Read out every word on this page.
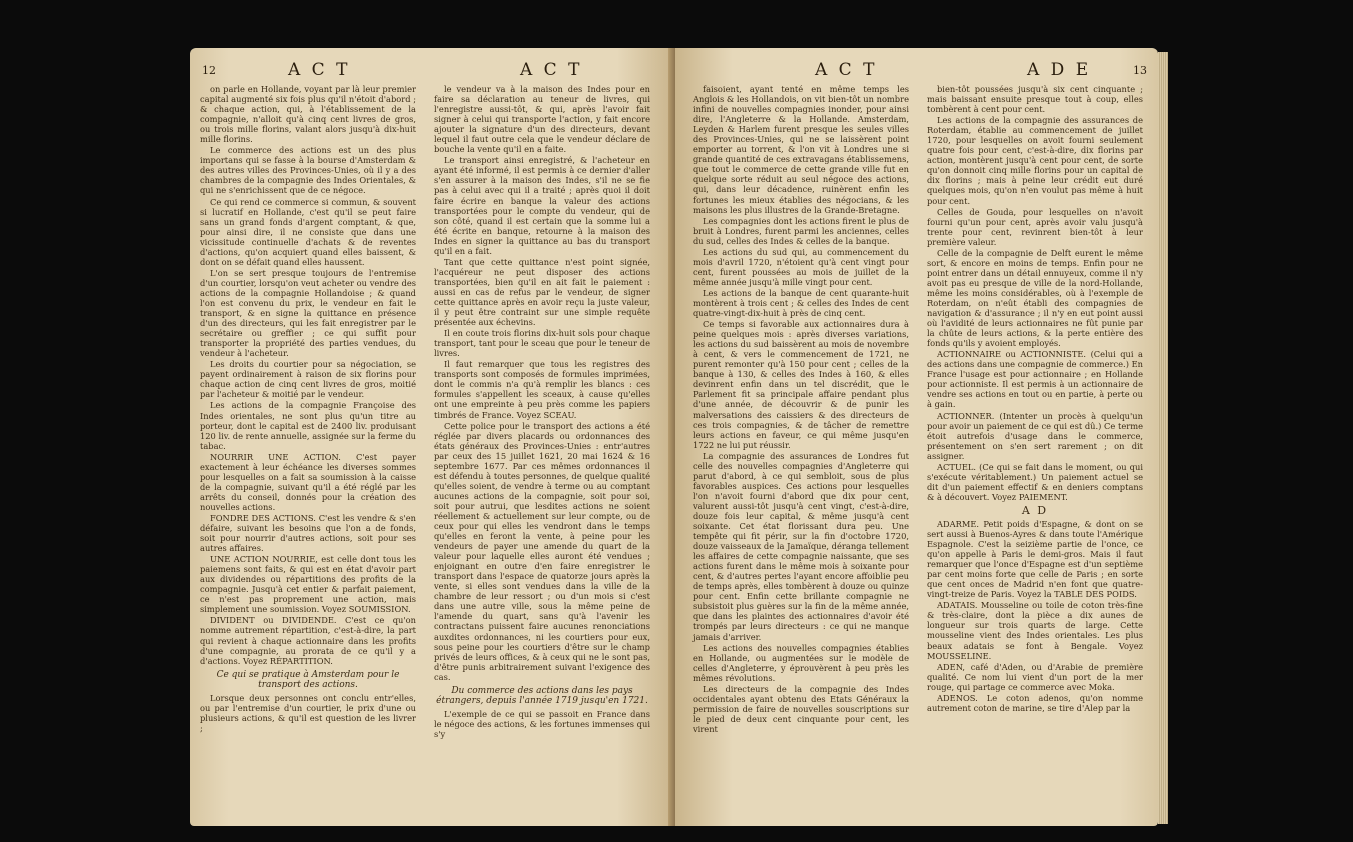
12	A C T	A C T

on parle en Hollande, voyant par là leur premier capital augmenté six fois plus qu'il n'étoit d'abord ; & chaque action, qui, à l'établissement de la compagnie, n'alloit qu'à cinq cent livres de gros, ou trois mille florins, valant alors jusqu'à dix-huit mille florins.

Le commerce des actions est un des plus importans qui se fasse à la bourse d'Amsterdam & des autres villes des Provinces-Unies, où il y a des chambres de la compagnie des Indes Orientales, & qui ne s'enrichissent que de ce négoce.

Ce qui rend ce commerce si commun, & souvent si lucratif en Hollande, c'est qu'il se peut faire sans un grand fonds d'argent comptant, & que, pour ainsi dire, il ne consiste que dans une vicissitude continuelle d'achats & de reventes d'actions, qu'on acquiert quand elles baissent, & dont on se défait quand elles haussent.

L'on se sert presque toujours de l'entremise d'un courtier, lorsqu'on veut acheter ou vendre des actions de la compagnie Hollandoise ; & quand l'on est convenu du prix, le vendeur en fait le transport, & en signe la quittance en présence d'un des directeurs, qui les fait enregistrer par le secrétaire ou greffier ; ce qui suffit pour transporter la propriété des parties vendues, du vendeur à l'acheteur.

Les droits du courtier pour sa négociation, se payent ordinairement à raison de six florins pour chaque action de cinq cent livres de gros, moitié par l'acheteur & moitié par le vendeur.

Les actions de la compagnie Françoise des Indes orientales, ne sont plus qu'un titre au porteur, dont le capital est de 2400 liv. produisant 120 liv. de rente annuelle, assignée sur la ferme du tabac.

NOURRIR UNE ACTION. C'est payer exactement à leur échéance les diverses sommes pour lesquelles on a fait sa soumission à la caisse de la compagnie, suivant qu'il a été réglé par les arrêts du conseil, donnés pour la création des nouvelles actions.

FONDRE DES ACTIONS. C'est les vendre & s'en défaire, suivant les besoins que l'on a de fonds, soit pour nourrir d'autres actions, soit pour ses autres affaires.

UNE ACTION NOURRIE, est celle dont tous les paiemens sont faits, & qui est en état d'avoir part aux dividendes ou répartitions des profits de la compagnie. Jusqu'à cet entier & parfait paiement, ce n'est pas proprement une action, mais simplement une soumission. Voyez SOUMISSION.

DIVIDENT ou DIVIDENDE. C'est ce qu'on nomme autrement répartition, c'est-à-dire, la part qui revient à chaque actionnaire dans les profits d'une compagnie, au prorata de ce qu'il y a d'actions. Voyez RÉPARTITION.

Ce qui se pratique à Amsterdam pour le transport des actions.

Lorsque deux personnes ont conclu entr'elles, ou par l'entremise d'un courtier, le prix d'une ou plusieurs actions, & qu'il est question de les livrer ;

le vendeur va à la maison des Indes pour en faire sa déclaration au teneur de livres, qui l'enregistre aussi-tôt, & qui, après l'avoir fait signer à celui qui transporte l'action, y fait encore ajouter la signature d'un des directeurs, devant lequel il faut outre cela que le vendeur déclare de bouche la vente qu'il en a faite.

Le transport ainsi enregistré, & l'acheteur en ayant été informé, il est permis à ce dernier d'aller s'en assurer à la maison des Indes, s'il ne se fie pas à celui avec qui il a traité ; après quoi il doit faire écrire en banque la valeur des actions transportées pour le compte du vendeur, qui de son côté, quand il est certain que la somme lui a été écrite en banque, retourne à la maison des Indes en signer la quittance au bas du transport qu'il en a fait.

Tant que cette quittance n'est point signée, l'acquéreur ne peut disposer des actions transportées, bien qu'il en ait fait le paiement : aussi en cas de refus par le vendeur, de signer cette quittance après en avoir reçu la juste valeur, il y peut être contraint sur une simple requête présentée aux échevins.

Il en coute trois florins dix-huit sols pour chaque transport, tant pour le sceau que pour le teneur de livres.

Il faut remarquer que tous les registres des transports sont composés de formules imprimées, dont le commis n'a qu'à remplir les blancs : ces formules s'appellent les sceaux, à cause qu'elles ont une empreinte à peu près comme les papiers timbrés de France. Voyez SCEAU.

Cette police pour le transport des actions a été réglée par divers placards ou ordonnances des états généraux des Provinces-Unies : entr'autres par ceux des 15 juillet 1621, 20 mai 1624 & 16 septembre 1677. Par ces mêmes ordonnances il est défendu à toutes personnes, de quelque qualité qu'elles soient, de vendre à terme ou au comptant aucunes actions de la compagnie, soit pour soi, soit pour autrui, que lesdites actions ne soient réellement & actuellement sur leur compte, ou de ceux pour qui elles les vendront dans le temps qu'elles en feront la vente, à peine pour les vendeurs de payer une amende du quart de la valeur pour laquelle elles auront été vendues ; enjoignant en outre d'en faire enregistrer le transport dans l'espace de quatorze jours après la vente, si elles sont vendues dans la ville de la chambre de leur ressort ; ou d'un mois si c'est dans une autre ville, sous la même peine de l'amende du quart, sans qu'à l'avenir les contractans puissent faire aucunes renonciations auxdites ordonnances, ni les courtiers pour eux, sous peine pour les courtiers d'être sur le champ privés de leurs offices, & à ceux qui ne le sont pas, d'être punis arbitrairement suivant l'exigence des cas.

Du commerce des actions dans les pays étrangers, depuis l'année 1719 jusqu'en 1721.

L'exemple de ce qui se passoit en France dans le négoce des actions, & les fortunes immenses qui s'y

A C T	A D E	13

faisoient, ayant tenté en même temps les Anglois & les Hollandois, on vit bien-tôt un nombre infini de nouvelles compagnies inonder, pour ainsi dire, l'Angleterre & la Hollande. Amsterdam, Leyden & Harlem furent presque les seules villes des Provinces-Unies, qui ne se laissèrent point emporter au torrent, & l'on vit à Londres une si grande quantité de ces extravagans établissemens, que tout le commerce de cette grande ville fut en quelque sorte réduit au seul négoce des actions, qui, dans leur décadence, ruinèrent enfin les fortunes les mieux établies des négocians, & les maisons les plus illustres de la Grande-Bretagne.

Les compagnies dont les actions firent le plus de bruit à Londres, furent parmi les anciennes, celles du sud, celles des Indes & celles de la banque.

Les actions du sud qui, au commencement du mois d'avril 1720, n'étoient qu'à cent vingt pour cent, furent poussées au mois de juillet de la même année jusqu'à mille vingt pour cent.

Les actions de la banque de cent quarante-huit montèrent à trois cent ; & celles des Indes de cent quatre-vingt-dix-huit à près de cinq cent.

Ce temps si favorable aux actionnaires dura à peine quelques mois : après diverses variations, les actions du sud baissèrent au mois de novembre à cent, & vers le commencement de 1721, ne purent remonter qu'à 150 pour cent ; celles de la banque à 130, & celles des Indes à 160, & elles devinrent enfin dans un tel discrédit, que le Parlement fit sa principale affaire pendant plus d'une année, de découvrir & de punir les malversations des caissiers & des directeurs de ces trois compagnies, & de tâcher de remettre leurs actions en faveur, ce qui même jusqu'en 1722 ne lui put réussir.

La compagnie des assurances de Londres fut celle des nouvelles compagnies d'Angleterre qui parut d'abord, à ce qui sembloit, sous de plus favorables auspices. Ces actions pour lesquelles l'on n'avoit fourni d'abord que dix pour cent, valurent aussi-tôt jusqu'à cent vingt, c'est-à-dire, douze fois leur capital, & même jusqu'à cent soixante. Cet état florissant dura peu. Une tempête qui fit périr, sur la fin d'octobre 1720, douze vaisseaux de la Jamaïque, déranga tellement les affaires de cette compagnie naissante, que ses actions furent dans le même mois à soixante pour cent, & d'autres pertes l'ayant encore affoiblie peu de temps après, elles tombèrent à douze ou quinze pour cent. Enfin cette brillante compagnie ne subsistoit plus guères sur la fin de la même année, que dans les plaintes des actionnaires d'avoir été trompés par leurs directeurs : ce qui ne manque jamais d'arriver.

Les actions des nouvelles compagnies établies en Hollande, ou augmentées sur le modèle de celles d'Angleterre, y éprouvèrent à peu près les mêmes révolutions.

Les directeurs de la compagnie des Indes occidentales ayant obtenu des Etats Généraux la permission de faire de nouvelles souscriptions sur le pied de deux cent cinquante pour cent, les virent

bien-tôt poussées jusqu'à six cent cinquante ; mais baissant ensuite presque tout à coup, elles tombèrent à cent pour cent.

Les actions de la compagnie des assurances de Roterdam, établie au commencement de juillet 1720, pour lesquelles on avoit fourni seulement quatre fois pour cent, c'est-à-dire, dix florins par action, montèrent jusqu'à cent pour cent, de sorte qu'on donnoit cinq mille florins pour un capital de dix florins ; mais à peine leur crédit eut duré quelques mois, qu'on n'en voulut pas même à huit pour cent.

Celles de Gouda, pour lesquelles on n'avoit fourni qu'un pour cent, après avoir valu jusqu'à trente pour cent, revinrent bien-tôt à leur première valeur.

Celle de la compagnie de Delft eurent le même sort, & encore en moins de temps. Enfin pour ne point entrer dans un détail ennuyeux, comme il n'y avoit pas eu presque de ville de la nord-Hollande, même les moins considérables, où à l'exemple de Roterdam, on n'eût établi des compagnies de navigation & d'assurance ; il n'y en eut point aussi où l'avidité de leurs actionnaires ne fût punie par la chûte de leurs actions, & la perte entière des fonds qu'ils y avoient employés.

ACTIONNAIRE ou ACTIONNISTE. (Celui qui a des actions dans une compagnie de commerce.) En France l'usage est pour actionnaire ; en Hollande pour actionniste. Il est permis à un actionnaire de vendre ses actions en tout ou en partie, à perte ou à gain.

ACTIONNER. (Intenter un procès à quelqu'un pour avoir un paiement de ce qui est dû.) Ce terme étoit autrefois d'usage dans le commerce, présentement on s'en sert rarement ; on dit assigner.

ACTUEL. (Ce qui se fait dans le moment, ou qui s'exécute véritablement.) Un paiement actuel se dit d'un paiement effectif & en deniers comptans & à découvert. Voyez PAIEMENT.

A D

ADARME. Petit poids d'Espagne, & dont on se sert aussi à Buenos-Ayres & dans toute l'Amérique Espagnole. C'est la seizième partie de l'once, ce qu'on appelle à Paris le demi-gros. Mais il faut remarquer que l'once d'Espagne est d'un septième par cent moins forte que celle de Paris ; en sorte que cent onces de Madrid n'en font que quatre-vingt-treize de Paris. Voyez la TABLE DES POIDS.

ADATAIS. Mousseline ou toile de coton très-fine & très-claire, dont la pièce a dix aunes de longueur sur trois quarts de large. Cette mousseline vient des Indes orientales. Les plus beaux adatais se font à Bengale. Voyez MOUSSELINE.

ADEN, café d'Aden, ou d'Arabie de première qualité. Ce nom lui vient d'un port de la mer rouge, qui partage ce commerce avec Moka.

ADENOS. Le coton adenos, qu'on nomme autrement coton de marine, se tire d'Alep par la
